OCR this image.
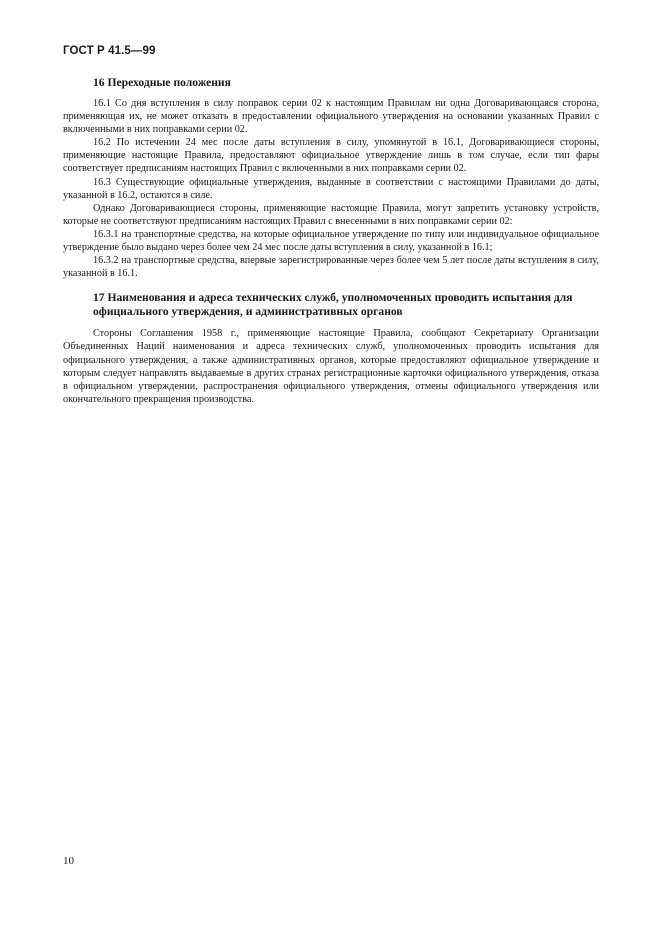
ГОСТ Р 41.5—99
16 Переходные положения

16.1 Со дня вступления в силу поправок серии 02 к настоящим Правилам ни одна Договаривающаяся сторона, применяющая их, не может отказать в предоставлении официального утверждения на основании указанных Правил с включенными в них поправками серии 02.

16.2 По истечении 24 мес после даты вступления в силу, упомянутой в 16.1, Договаривающиеся стороны, применяющие настоящие Правила, предоставляют официальное утверждение лишь в том случае, если тип фары соответствует предписаниям настоящих Правил с включенными в них поправками серии 02.

16.3 Существующие официальные утверждения, выданные в соответствии с настоящими Правилами до даты, указанной в 16.2, остаются в силе.

Однако Договаривающиеся стороны, применяющие настоящие Правила, могут запретить установку устройств, которые не соответствуют предписаниям настоящих Правил с внесенными в них поправками серии 02:

16.3.1 на транспортные средства, на которые официальное утверждение по типу или индивидуальное официальное утверждение было выдано через более чем 24 мес после даты вступления в силу, указанной в 16.1;

16.3.2 на транспортные средства, впервые зарегистрированные через более чем 5 лет после даты вступления в силу, указанной в 16.1.

17 Наименования и адреса технических служб, уполномоченных проводить испытания для официального утверждения, и административных органов

Стороны Соглашения 1958 г., применяющие настоящие Правила, сообщают Секретариату Организации Объединенных Наций наименования и адреса технических служб, уполномоченных проводить испытания для официального утверждения, а также административных органов, которые предоставляют официальное утверждение и которым следует направлять выдаваемые в других странах регистрационные карточки официального утверждения, отказа в официальном утверждении, распространения официального утверждения, отмены официального утверждения или окончательного прекращения производства.

10
